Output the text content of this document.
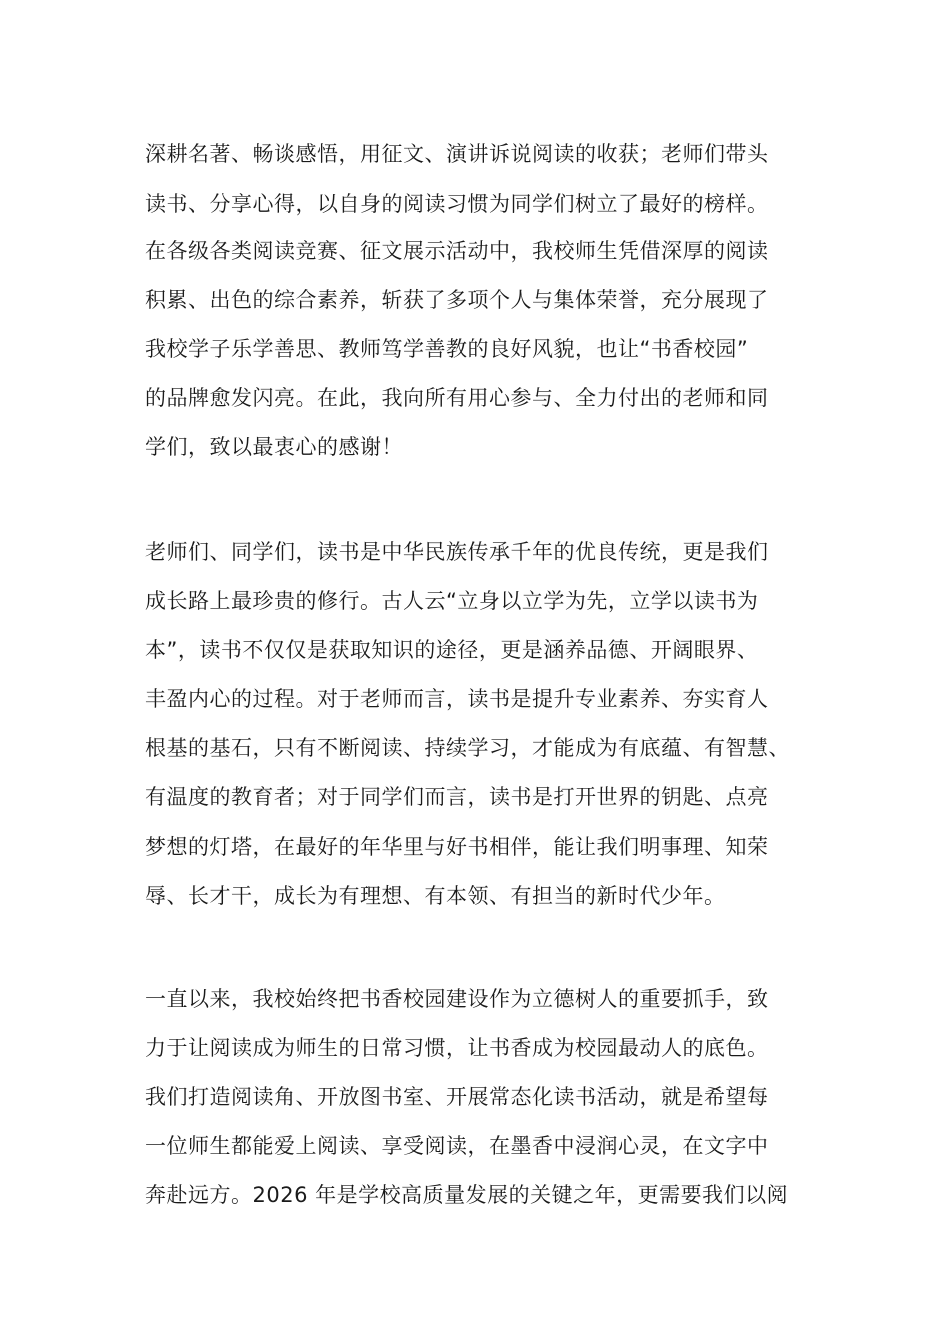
深耕名著、畅谈感悟，用征文、演讲诉说阅读的收获；老师们带头
读书、分享心得，以自身的阅读习惯为同学们树立了最好的榜样。
在各级各类阅读竞赛、征文展示活动中，我校师生凭借深厚的阅读
积累、出色的综合素养，斩获了多项个人与集体荣誉，充分展现了
我校学子乐学善思、教师笃学善教的良好风貌，也让“书香校园”
的品牌愈发闪亮。在此，我向所有用心参与、全力付出的老师和同
学们，致以最衷心的感谢！
老师们、同学们，读书是中华民族传承千年的优良传统，更是我们
成长路上最珍贵的修行。古人云“立身以立学为先，立学以读书为
本”，读书不仅仅是获取知识的途径，更是涵养品德、开阔眼界、
丰盈内心的过程。对于老师而言，读书是提升专业素养、夯实育人
根基的基石，只有不断阅读、持续学习，才能成为有底蕴、有智慧、
有温度的教育者；对于同学们而言，读书是打开世界的钥匙、点亮
梦想的灯塔，在最好的年华里与好书相伴，能让我们明事理、知荣
辱、长才干，成长为有理想、有本领、有担当的新时代少年。
一直以来，我校始终把书香校园建设作为立德树人的重要抓手，致
力于让阅读成为师生的日常习惯，让书香成为校园最动人的底色。
我们打造阅读角、开放图书室、开展常态化读书活动，就是希望每
一位师生都能爱上阅读、享受阅读，在墨香中浸润心灵，在文字中
奔赴远方。2026 年是学校高质量发展的关键之年，更需要我们以阅
